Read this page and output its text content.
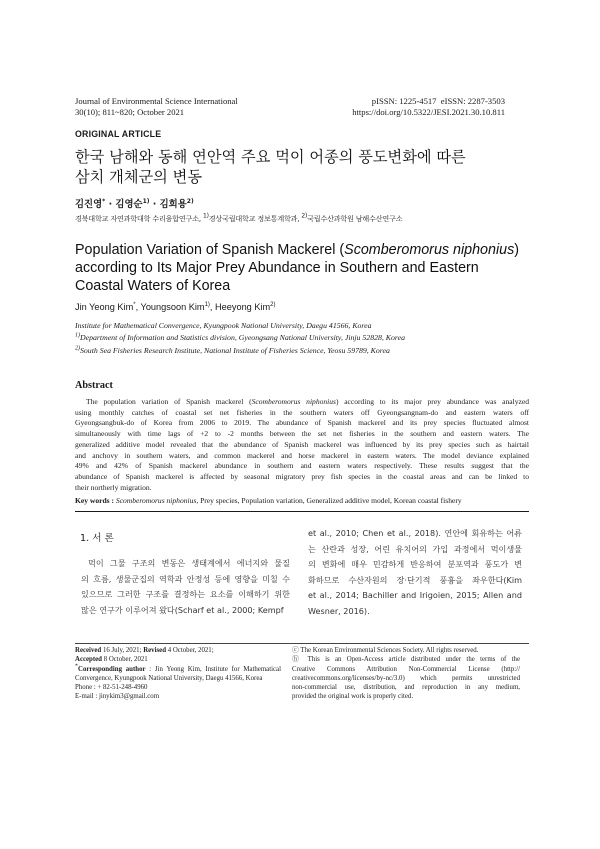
Journal of Environmental Science International
30(10); 811~820; October 2021
pISSN: 1225-4517  eISSN: 2287-3503
https://doi.org/10.5322/JESI.2021.30.10.811
ORIGINAL ARTICLE
한국 남해와 동해 연안역 주요 먹이 어종의 풍도변화에 따른
삼치 개체군의 변동
김진영* · 김영순$^{1)}$ · 김희용$^{2)}$
경북대학교 자연과학대학 수리융합연구소, $^{1)}$경상국립대학교 정보통계학과, $^{2)}$국립수산과학원 남해수산연구소
Population Variation of Spanish Mackerel (Scomberomorus niphonius)
according to Its Major Prey Abundance in Southern and Eastern
Coastal Waters of Korea
Jin Yeong Kim*, Youngsoon Kim$^{1)}$, Heeyong Kim$^{2)}$
Institute for Mathematical Convergence, Kyungpook National University, Daegu 41566, Korea
$^{1)}$Department of Information and Statistics division, Gyeongsang National University, Jinju 52828, Korea
$^{2)}$South Sea Fisheries Research Institute, National Institute of Fisheries Science, Yeosu 59789, Korea
Abstract
The population variation of Spanish mackerel (Scomberomorus niphonius) according to its major prey abundance was analyzed
using monthly catches of coastal set net fisheries in the southern waters off Gyeongsangnam-do and eastern waters off
Gyeongsangbuk-do of Korea from 2006 to 2019. The abundance of Spanish mackerel and its prey species fluctuated almost
simultaneously with time lags of +2 to -2 months between the set net fisheries in the southern and eastern waters. The
generalized additive model revealed that the abundance of Spanish mackerel was influenced by its prey species such as hairtail
and anchovy in southern waters, and common mackerel and horse mackerel in eastern waters. The model deviance explained
49% and 42% of Spanish mackerel abundance in southern and eastern waters respectively. These results suggest that the
abundance of Spanish mackerel is affected by seasonal migratory prey fish species in the coastal areas and can be linked to
their northerly migration.
Key words : Scomberomorus niphonius, Prey species, Population variation, Generalized additive model, Korean coastal fishery
1. 서 론
먹이 그물 구조의 변동은 생태계에서 에너지와 물질
의 흐름, 생물군집의 역학과 안정성 등에 영향을 미칠 수
있으므로 그러한 구조를 결정하는 요소를 이해하기 위한
많은 연구가 이루어져 왔다(Scharf et al., 2000; Kempf
et al., 2010; Chen et al., 2018). 연안에 회유하는 어류
는 산란과 성장, 어린 유치어의 가입 과정에서 먹이생물
의 변화에 매우 민감하게 반응하여 분포역과 풍도가 변
화하므로 수산자원의 장·단기적 풍흉을 좌우한다(Kim
et al., 2014; Bachiller and Irigoien, 2015; Allen and
Wesner, 2016).
Received 16 July, 2021; Revised 4 October, 2021;
Accepted 8 October, 2021
*Corresponding author : Jin Yeong Kim, Institute for Mathematical
Convergence, Kyungpook National University, Daegu 41566, Korea
Phone : + 82-51-248-4960
E-mail : jinykim3@gmail.com
ⓒ The Korean Environmental Sciences Society. All rights reserved.
ⓗ This is an Open-Access article distributed under the terms of the
Creative Commons Attribution Non-Commercial License (http://
creativecommons.org/licenses/by-nc/3.0) which permits unrestricted
non-commercial use, distribution, and reproduction in any medium,
provided the original work is properly cited.
